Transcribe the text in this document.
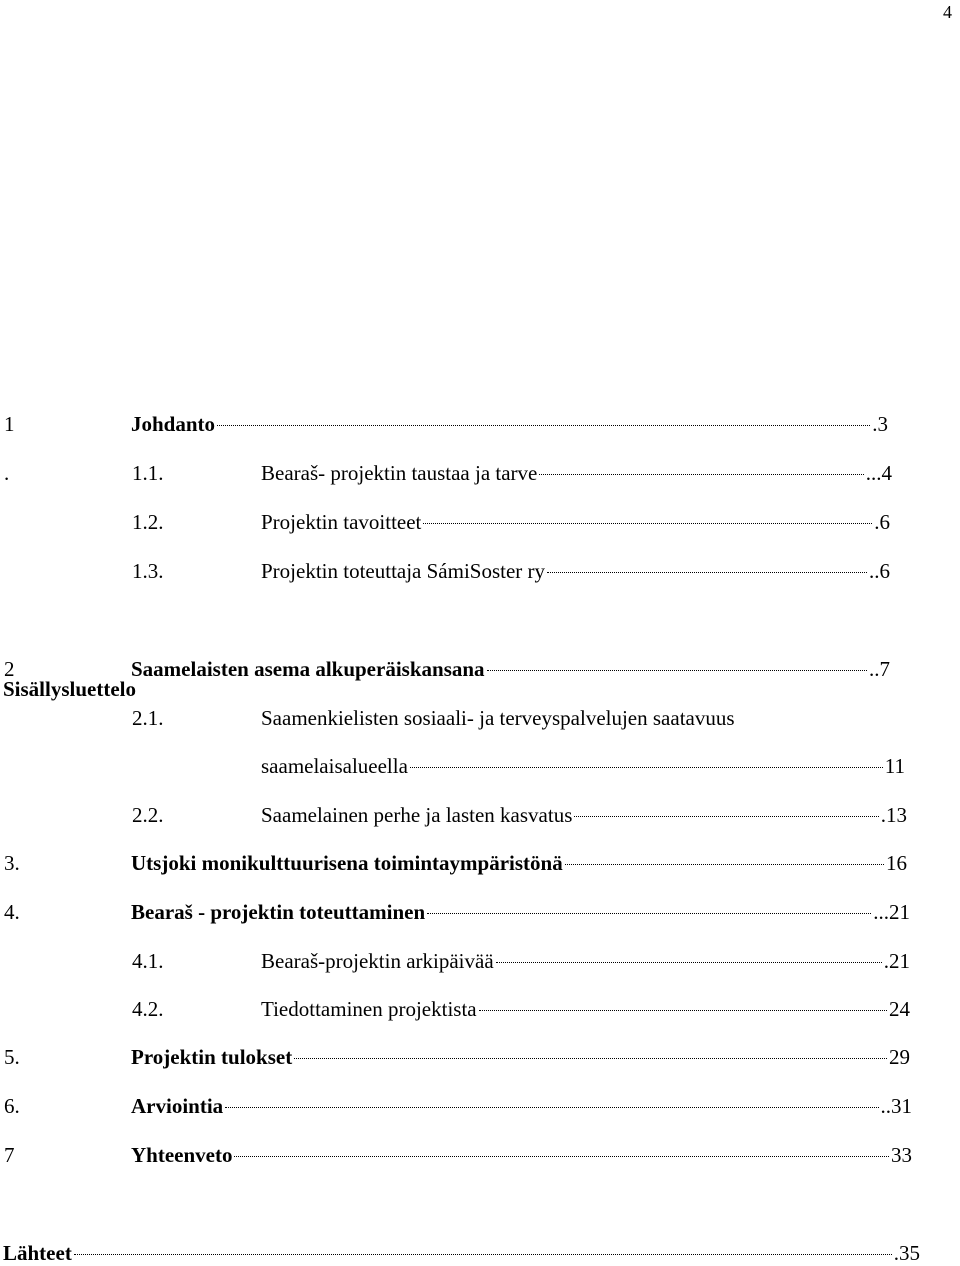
4
Sisällysluettelo
1	Johdanto	.3
.	1.1.	Bearaš- projektin taustaa ja tarve	...4
1.2.	Projektin tavoitteet	.6
1.3.	Projektin toteuttaja SámiSoster ry	..6
2	Saamelaisten asema alkuperäiskansana	..7
2.1.	Saamenkielisten sosiaali- ja terveyspalvelujen saatavuus
saamelaisalueella	11
2.2.	Saamelainen perhe ja lasten kasvatus	.13
3.	Utsjoki monikulttuurisena toimintaympäristönä	16
4.	Bearaš - projektin toteuttaminen	...21
4.1.	Bearaš-projektin arkipäivää	.21
4.2.	Tiedottaminen projektista	24
5.	Projektin tulokset	29
6.	Arviointia	..31
7	Yhteenveto	33
Lähteet	.35
